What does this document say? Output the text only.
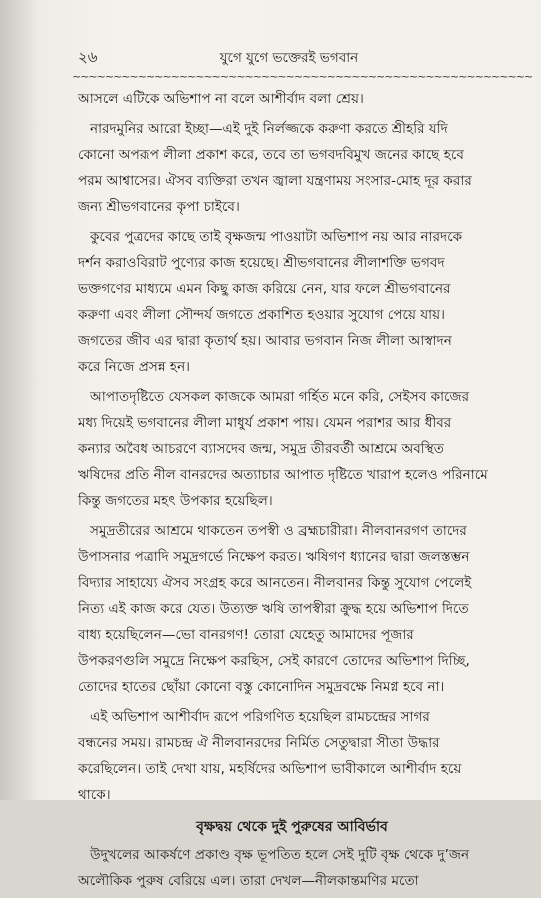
২৬	যুগে যুগে ভক্তেরই ভগবান
~~~~~~~~~~~~~~~~~~~~~~~~~~~~~~~~~~~~~~~~~~~~~~~~~~~~~~~~

আসলে এটিকে অভিশাপ না বলে আশীর্বাদ বলা শ্রেয়।

নারদমুনির আরো ইচ্ছা—এই দুই নির্লজ্জকে করুণা করতে শ্রীহরি যদি
কোনো অপরূপ লীলা প্রকাশ করে, তবে তা ভগবদবিমুখ জনের কাছে হবে
পরম আশ্বাসের। ঐসব ব্যক্তিরা তখন জ্বালা যন্ত্রণাময় সংসার-মোহ দূর করার
জন্য শ্রীভগবানের কৃপা চাইবে।

কুবের পুত্রদের কাছে তাই বৃক্ষজন্ম পাওয়াটা অভিশাপ নয় আর নারদকে
দর্শন করাওবিরাট পুণ্যের কাজ হয়েছে। শ্রীভগবানের লীলাশক্তি ভগবদ
ভক্তগণের মাধ্যমে এমন কিছু কাজ করিয়ে নেন, যার ফলে শ্রীভগবানের
করুণা এবং লীলা সৌন্দর্য জগতে প্রকাশিত হওয়ার সুযোগ পেয়ে যায়।
জগতের জীব এর দ্বারা কৃতার্থ হয়। আবার ভগবান নিজ লীলা আস্বাদন
করে নিজে প্রসন্ন হন।

আপাতদৃষ্টিতে যেসকল কাজকে আমরা গর্হিত মনে করি, সেইসব কাজের
মধ্য দিয়েই ভগবানের লীলা মাধুর্য প্রকাশ পায়। যেমন পরাশর আর ধীবর
কন্যার অবৈধ আচরণে ব্যাসদেব জন্ম, সমুদ্র তীরবর্তী আশ্রমে অবস্থিত
ঋষিদের প্রতি নীল বানরদের অত্যাচার আপাত দৃষ্টিতে খারাপ হলেও পরিনামে
কিন্তু জগতের মহৎ উপকার হয়েছিল।

সমুদ্রতীরের আশ্রমে থাকতেন তপস্বী ও ব্রহ্মচারীরা। নীলবানরগণ তাদের
উপাসনার পত্রাদি সমুদ্রগর্ভে নিক্ষেপ করত। ঋষিগণ ধ্যানের দ্বারা জলস্তম্ভন
বিদ্যার সাহায্যে ঐসব সংগ্রহ করে আনতেন। নীলবানর কিন্তু সুযোগ পেলেই
নিত্য এই কাজ করে যেত। উত্যক্ত ঋষি তাপস্বীরা ক্রুদ্ধ হয়ে অভিশাপ দিতে
বাধ্য হয়েছিলেন—ভো বানরগণ! তোরা যেহেতু আমাদের পূজার
উপকরণগুলি সমুদ্রে নিক্ষেপ করছিস, সেই কারণে তোদের অভিশাপ দিচ্ছি,
তোদের হাতের ছোঁয়া কোনো বস্তু কোনোদিন সমুদ্রবক্ষে নিমগ্ন হবে না।

এই অভিশাপ আশীর্বাদ রূপে পরিগণিত হয়েছিল রামচন্দ্রের সাগর
বন্ধনের সময়। রামচন্দ্র ঐ নীলবানরদের নির্মিত সেতুদ্বারা সীতা উদ্ধার
করেছিলেন। তাই দেখা যায়, মহর্ষিদের অভিশাপ ভাবীকালে আশীর্বাদ হয়ে
থাকে।

বৃক্ষদ্বয় থেকে দুই পুরুষের আবির্ভাব

উদুখলের আকর্ষণে প্রকাণ্ড বৃক্ষ ভূপতিত হলে সেই দুটি বৃক্ষ থেকে দু’জন
অলৌকিক পুরুষ বেরিয়ে এল। তারা দেখল—নীলকান্তমণির মতো
